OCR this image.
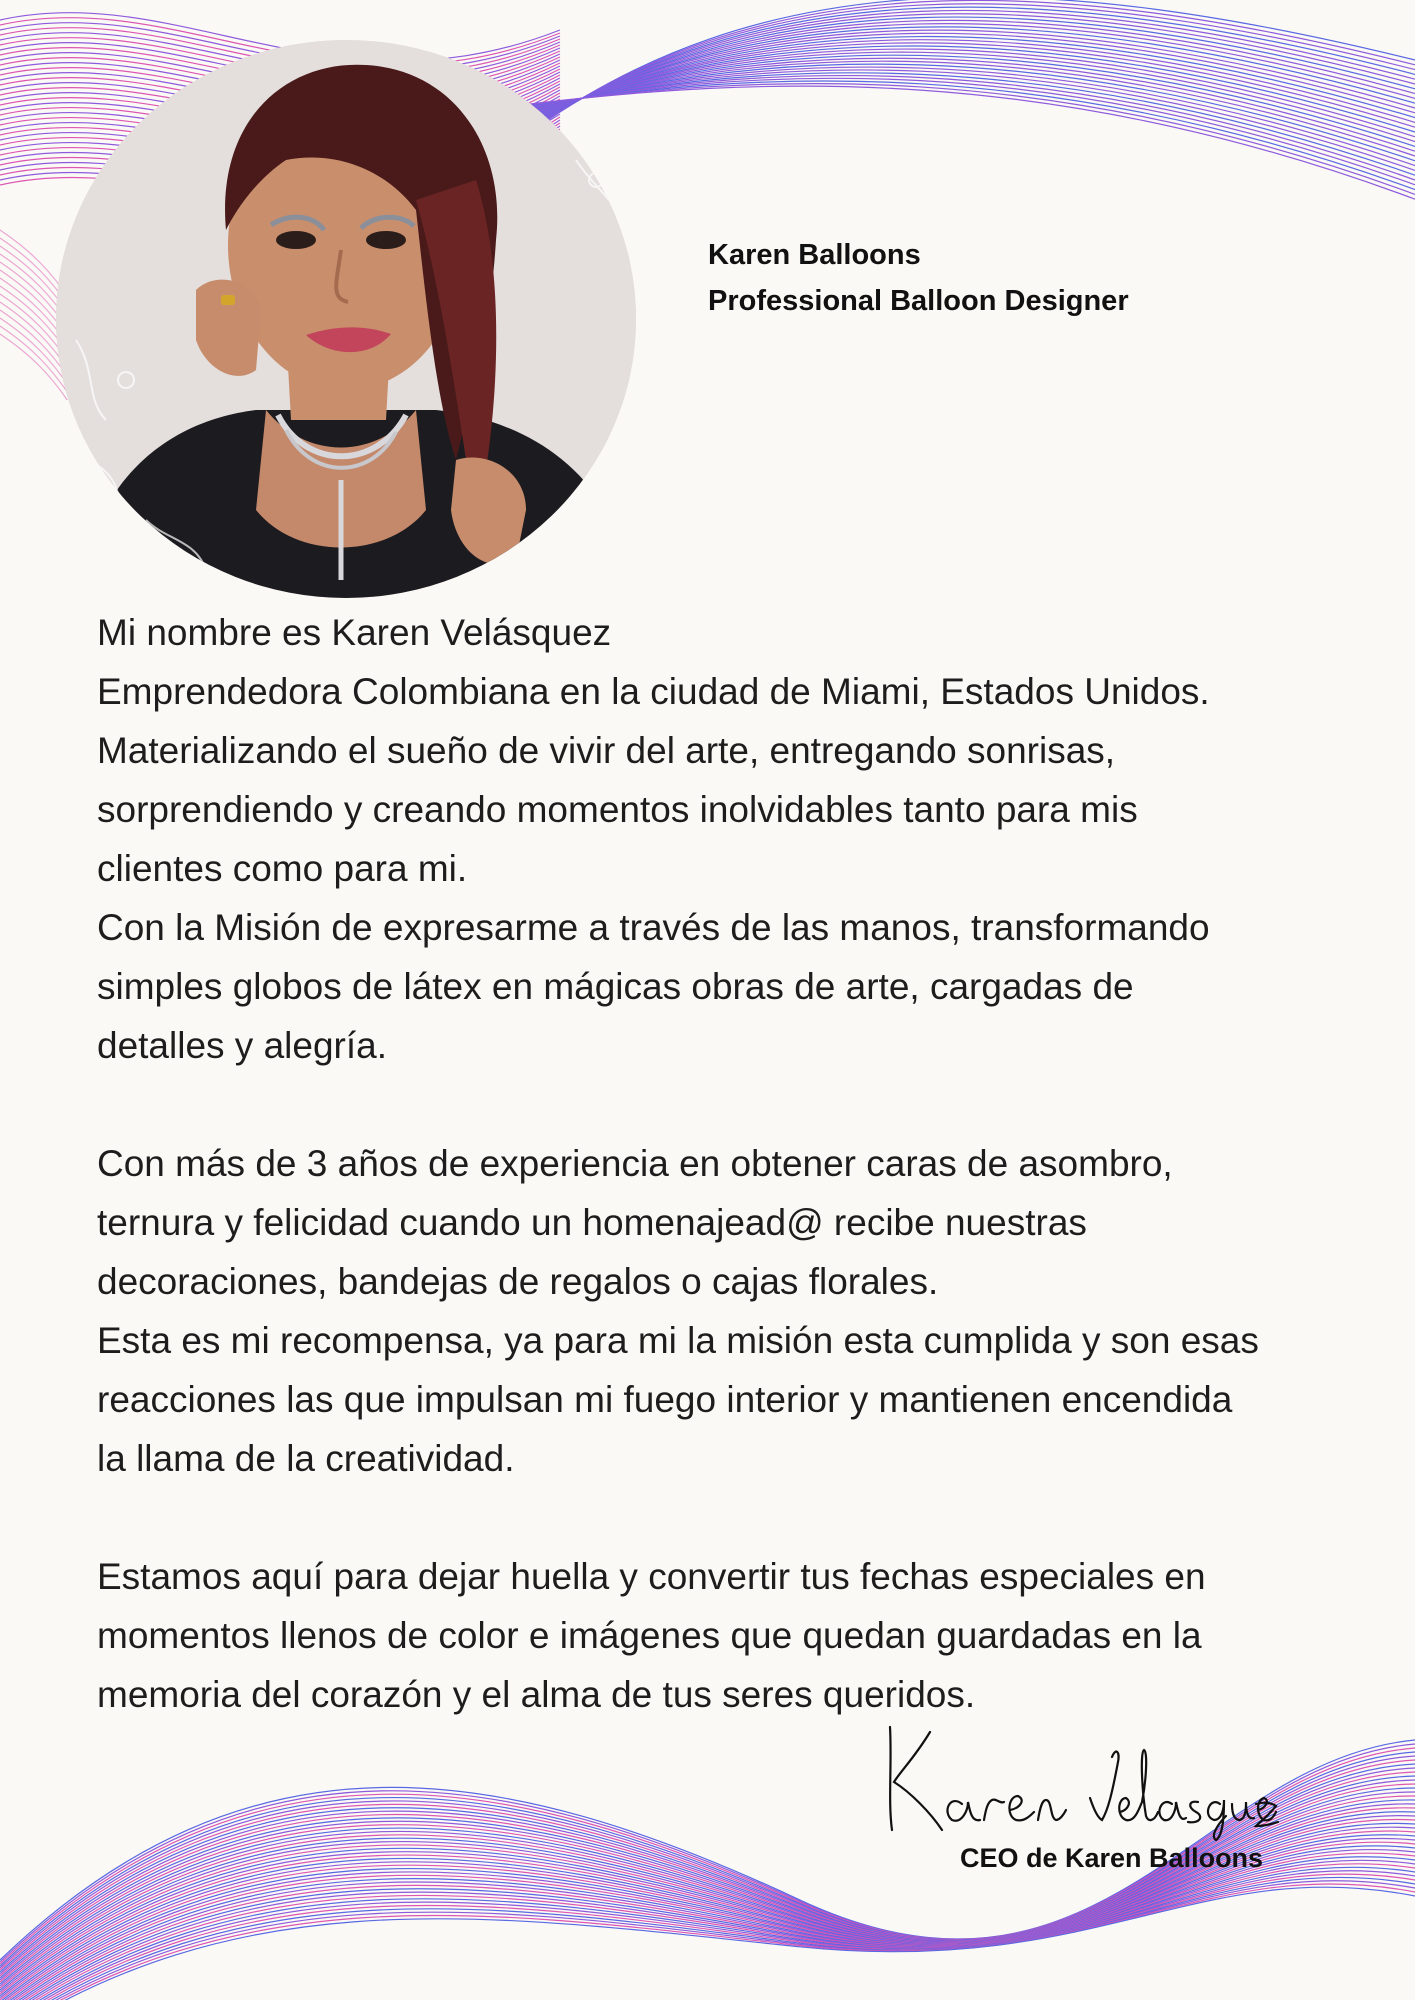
Karen Balloons
Professional Balloon Designer

Mi nombre es Karen Velásquez

Emprendedora Colombiana en la ciudad de Miami, Estados Unidos.

Materializando el sueño de vivir del arte, entregando sonrisas,

sorprendiendo y creando momentos inolvidables tanto para mis

clientes como para mi.

Con la Misión de expresarme a través de las manos, transformando

simples globos de látex en mágicas obras de arte, cargadas de

detalles y alegría.

Con más de 3 años de experiencia en obtener caras de asombro,

ternura y felicidad cuando un homenajead@ recibe nuestras

decoraciones, bandejas de regalos o cajas florales.

Esta es mi recompensa, ya para mi la misión esta cumplida y son esas

reacciones las que impulsan mi fuego interior y mantienen encendida

la llama de la creatividad.

Estamos aquí para dejar huella y convertir tus fechas especiales en

momentos llenos de color e imágenes que quedan guardadas en la

memoria del corazón y el alma de tus seres queridos.

CEO de Karen Balloons
